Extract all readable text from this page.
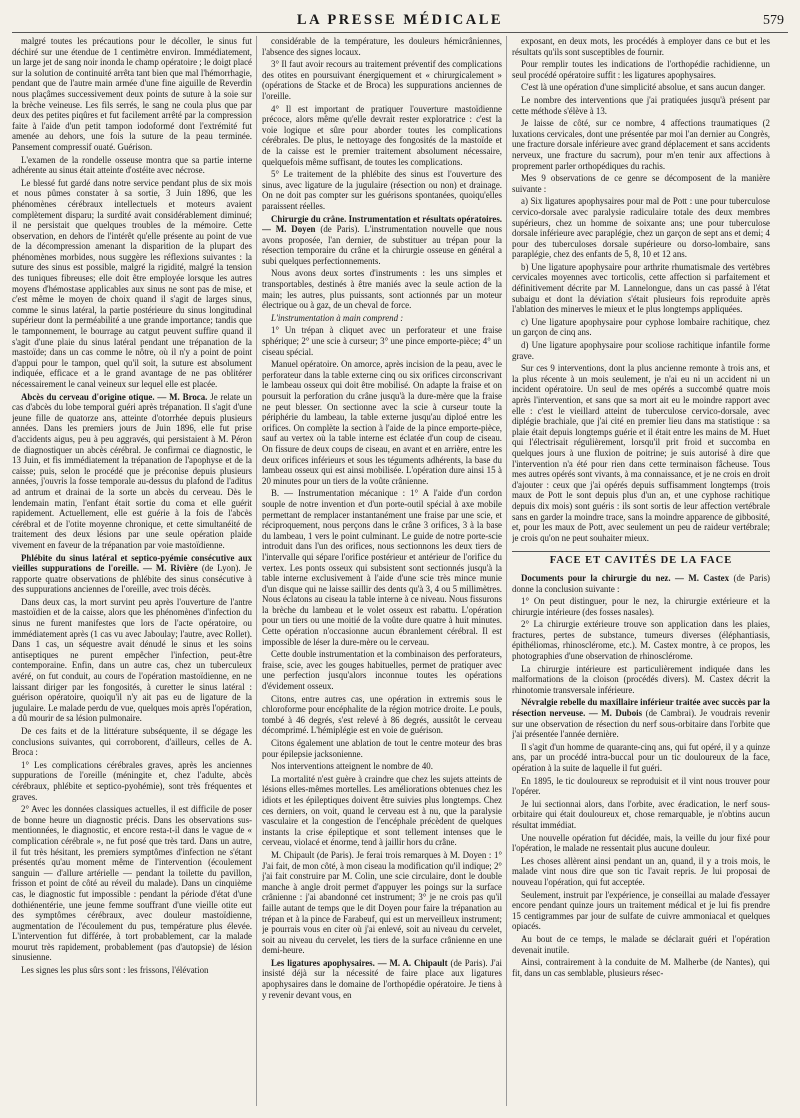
LA PRESSE MÉDICALE	579

malgré toutes les précautions pour le décoller, le sinus fut déchiré sur une étendue de 1 centimètre environ. Immédiatement, un large jet de sang noir inonda le champ opératoire ; le doigt placé sur la solution de continuité arrêta tant bien que mal l'hémorrhagie, pendant que de l'autre main armée d'une fine aiguille de Reverdin nous plaçâmes successivement deux points de suture à la soie sur la brèche veineuse. Les fils serrés, le sang ne coula plus que par deux des petites piqûres et fut facilement arrêté par la compression faite à l'aide d'un petit tampon iodoformé dont l'extrémité fut amenée au dehors, une fois la suture de la peau terminée. Pansement compressif ouaté. Guérison.

L'examen de la rondelle osseuse montra que sa partie interne adhérente au sinus était atteinte d'ostéite avec nécrose.

Le blessé fut gardé dans notre service pendant plus de six mois et nous pûmes constater à sa sortie, 3 Juin 1896, que les phénomènes cérébraux intellectuels et moteurs avaient complètement disparu; la surdité avait considérablement diminué; il ne persistait que quelques troubles de la mémoire. Cette observation, en dehors de l'intérêt qu'elle présente au point de vue de la décompression amenant la disparition de la plupart des phénomènes morbides, nous suggère les réflexions suivantes : la suture des sinus est possible, malgré la rigidité, malgré la tension des tuniques fibreuses; elle doit être employée lorsque les autres moyens d'hémostase applicables aux sinus ne sont pas de mise, et c'est même le moyen de choix quand il s'agit de larges sinus, comme le sinus latéral, la partie postérieure du sinus longitudinal supérieur dont la perméabilité a une grande importance; tandis que le tamponnement, le bourrage au catgut peuvent suffire quand il s'agit d'une plaie du sinus latéral pendant une trépanation de la mastoïde; dans un cas comme le nôtre, où il n'y a point de point d'appui pour le tampon, quel qu'il soit, la suture est absolument indiquée, efficace et a le grand avantage de ne pas oblitérer nécessairement le canal veineux sur lequel elle est placée.

Abcès du cerveau d'origine otique. — M. Broca. Je relate un cas d'abcès du lobe temporal guéri après trépanation. Il s'agit d'une jeune fille de quatorze ans, atteinte d'otorrhée depuis plusieurs années. Dans les premiers jours de Juin 1896, elle fut prise d'accidents aigus, peu à peu aggravés, qui persistaient à M. Péron de diagnostiquer un abcès cérébral. Je confirmai ce diagnostic, le 13 Juin, et fis immédiatement la trépanation de l'apophyse et de la caisse; puis, selon le procédé que je préconise depuis plusieurs années, j'ouvris la fosse temporale au-dessus du plafond de l'aditus ad antrum et drainai de la sorte un abcès du cerveau. Dès le lendemain matin, l'enfant était sortie du coma et elle guérit rapidement. Actuellement, elle est guérie à la fois de l'abcès cérébral et de l'otite moyenne chronique, et cette simultanéité de traitement des deux lésions par une seule opération plaide vivement en faveur de la trépanation par voie mastoïdienne.

Phlébite du sinus latéral et septico-pyémie consécutive aux vieilles suppurations de l'oreille. — M. Rivière (de Lyon). Je rapporte quatre observations de phlébite des sinus consécutive à des suppurations anciennes de l'oreille, avec trois décès.

Dans deux cas, la mort survint peu après l'ouverture de l'antre mastoïdien et de la caisse, alors que les phénomènes d'infection du sinus ne furent manifestes que lors de l'acte opératoire, ou immédiatement après (1 cas vu avec Jaboulay; l'autre, avec Rollet). Dans 1 cas, un séquestre avait dénudé le sinus et les soins antiseptiques ne purent empêcher l'infection, peut-être contemporaine. Enfin, dans un autre cas, chez un tuberculeux avéré, on fut conduit, au cours de l'opération mastoïdienne, en ne laissant diriger par les fongosités, à curetter le sinus latéral : guérison opératoire, quoiqu'il n'y ait pas eu de ligature de la jugulaire. Le malade perdu de vue, quelques mois après l'opération, a dû mourir de sa lésion pulmonaire.

De ces faits et de la littérature subséquente, il se dégage les conclusions suivantes, qui corroborent, d'ailleurs, celles de A. Broca :

1° Les complications cérébrales graves, après les anciennes suppurations de l'oreille (méningite et, chez l'adulte, abcès cérébraux, phlébite et septico-pyohémie), sont très fréquentes et graves.

2° Avec les données classiques actuelles, il est difficile de poser de bonne heure un diagnostic précis. Dans les observations sus-mentionnées, le diagnostic, et encore resta-t-il dans le vague de « complication cérébrale », ne fut posé que très tard. Dans un autre, il fut très hésitant, les premiers symptômes d'infection ne s'étant présentés qu'au moment même de l'intervention (écoulement sanguin — d'allure artérielle — pendant la toilette du pavillon, frisson et point de côté au réveil du malade). Dans un cinquième cas, le diagnostic fut impossible : pendant la période d'état d'une dothiénentérie, une jeune femme souffrant d'une vieille otite eut des symptômes cérébraux, avec douleur mastoïdienne, augmentation de l'écoulement du pus, température plus élevée. L'intervention fut différée, à tort probablement, car la malade mourut très rapidement, probablement (pas d'autopsie) de lésion sinusienne.

Les signes les plus sûrs sont : les frissons, l'élévation

considérable de la température, les douleurs hémicrâniennes, l'absence des signes locaux.

3° Il faut avoir recours au traitement préventif des complications des otites en poursuivant énergiquement et « chirurgicalement » (opérations de Stacke et de Broca) les suppurations anciennes de l'oreille.

4° Il est important de pratiquer l'ouverture mastoïdienne précoce, alors même qu'elle devrait rester exploratrice : c'est la voie logique et sûre pour aborder toutes les complications cérébrales. De plus, le nettoyage des fongosités de la mastoïde et de la caisse est le premier traitement absolument nécessaire, quelquefois même suffisant, de toutes les complications.

5° Le traitement de la phlébite des sinus est l'ouverture des sinus, avec ligature de la jugulaire (résection ou non) et drainage. On ne doit pas compter sur les guérisons spontanées, quoiqu'elles paraissent réelles.

Chirurgie du crâne. Instrumentation et résultats opératoires. — M. Doyen (de Paris). L'instrumentation nouvelle que nous avons proposée, l'an dernier, de substituer au trépan pour la résection temporaire du crâne et la chirurgie osseuse en général a subi quelques perfectionnements.

Nous avons deux sortes d'instruments : les uns simples et transportables, destinés à être maniés avec la seule action de la main; les autres, plus puissants, sont actionnés par un moteur électrique ou à gaz, de un cheval de force.

L'instrumentation à main comprend :

1° Un trépan à cliquet avec un perforateur et une fraise sphérique; 2° une scie à curseur; 3° une pince emporte-pièce; 4° un ciseau spécial.

Manuel opératoire. On amorce, après incision de la peau, avec le perforateur dans la table externe cinq ou six orifices circonscrivant le lambeau osseux qui doit être mobilisé. On adapte la fraise et on poursuit la perforation du crâne jusqu'à la dure-mère que la fraise ne peut blesser. On sectionne avec la scie à curseur toute la périphérie du lambeau, la table externe jusqu'au diploé entre les orifices. On complète la section à l'aide de la pince emporte-pièce, sauf au vertex où la table interne est éclatée d'un coup de ciseau. On fissure de deux coups de ciseau, en avant et en arrière, entre les deux orifices inférieurs et sous les téguments adhérents, la base du lambeau osseux qui est ainsi mobilisée. L'opération dure ainsi 15 à 20 minutes pour un tiers de la voûte crânienne.

B. — Instrumentation mécanique : 1° A l'aide d'un cordon souple de notre invention et d'un porte-outil spécial à axe mobile permettant de remplacer instantanément une fraise par une scie, et réciproquement, nous perçons dans le crâne 3 orifices, 3 à la base du lambeau, 1 vers le point culminant. Le guide de notre porte-scie introduit dans l'un des orifices, nous sectionnons les deux tiers de l'intervalle qui sépare l'orifice postérieur et antérieur de l'orifice du vertex. Les ponts osseux qui subsistent sont sectionnés jusqu'à la table interne exclusivement à l'aide d'une scie très mince munie d'un disque qui ne laisse saillir des dents qu'à 3, 4 ou 5 millimètres. Nous éclatons au ciseau la table interne à ce niveau. Nous fissurons la brèche du lambeau et le volet osseux est rabattu. L'opération pour un tiers ou une moitié de la voûte dure quatre à huit minutes. Cette opération n'occasionne aucun ébranlement cérébral. Il est impossible de léser la dure-mère ou le cerveau.

Cette double instrumentation et la combinaison des perforateurs, fraise, scie, avec les gouges habituelles, permet de pratiquer avec une perfection jusqu'alors inconnue toutes les opérations d'évidement osseux.

Citons, entre autres cas, une opération in extremis sous le chloroforme pour encéphalite de la région motrice droite. Le pouls, tombé à 46 degrés, s'est relevé à 86 degrés, aussitôt le cerveau décomprimé. L'hémiplégie est en voie de guérison.

Citons également une ablation de tout le centre moteur des bras pour épilepsie jacksonienne.

Nos interventions atteignent le nombre de 40.

La mortalité n'est guère à craindre que chez les sujets atteints de lésions elles-mêmes mortelles. Les améliorations obtenues chez les idiots et les épileptiques doivent être suivies plus longtemps. Chez ces derniers, on voit, quand le cerveau est à nu, que la paralysie vasculaire et la congestion de l'encéphale précèdent de quelques instants la crise épileptique et sont tellement intenses que le cerveau, violacé et énorme, tend à jaillir hors du crâne.

M. Chipault (de Paris). Je ferai trois remarques à M. Doyen : 1° J'ai fait, de mon côté, à mon ciseau la modification qu'il indique; 2° j'ai fait construire par M. Colin, une scie circulaire, dont le double manche à angle droit permet d'appuyer les poings sur la surface crânienne : j'ai abandonné cet instrument; 3° je ne crois pas qu'il faille autant de temps que le dit Doyen pour faire la trépanation au trépan et à la pince de Farabeuf, qui est un merveilleux instrument; je pourrais vous en citer où j'ai enlevé, soit au niveau du cervelet, soit au niveau du cervelet, les tiers de la surface crânienne en une demi-heure.

Les ligatures apophysaires. — M. A. Chipault (de Paris). J'ai insisté déjà sur la nécessité de faire place aux ligatures apophysaires dans le domaine de l'orthopédie opératoire. Je tiens à y revenir devant vous, en

exposant, en deux mots, les procédés à employer dans ce but et les résultats qu'ils sont susceptibles de fournir.

Pour remplir toutes les indications de l'orthopédie rachidienne, un seul procédé opératoire suffit : les ligatures apophysaires.

C'est là une opération d'une simplicité absolue, et sans aucun danger.

Le nombre des interventions que j'ai pratiquées jusqu'à présent par cette méthode s'élève à 13.

Je laisse de côté, sur ce nombre, 4 affections traumatiques (2 luxations cervicales, dont une présentée par moi l'an dernier au Congrès, une fracture dorsale inférieure avec grand déplacement et sans accidents nerveux, une fracture du sacrum), pour m'en tenir aux affections à proprement parler orthopédiques du rachis.

Mes 9 observations de ce genre se décomposent de la manière suivante :

a) Six ligatures apophysaires pour mal de Pott : une pour tuberculose cervico-dorsale avec paralysie radiculaire totale des deux membres supérieurs, chez un homme de soixante ans; une pour tuberculose dorsale inférieure avec paraplégie, chez un garçon de sept ans et demi; 4 pour des tuberculoses dorsale supérieure ou dorso-lombaire, sans paraplégie, chez des enfants de 5, 8, 10 et 12 ans.

b) Une ligature apophysaire pour arthrite rhumatismale des vertèbres cervicales moyennes avec torticolis, cette affection si parfaitement et définitivement décrite par M. Lannelongue, dans un cas passé à l'état subaigu et dont la déviation s'était plusieurs fois reproduite après l'ablation des minerves le mieux et le plus longtemps appliquées.

c) Une ligature apophysaire pour cyphose lombaire rachitique, chez un garçon de cinq ans.

d) Une ligature apophysaire pour scoliose rachitique infantile forme grave.

Sur ces 9 interventions, dont la plus ancienne remonte à trois ans, et la plus récente à un mois seulement, je n'ai eu ni un accident ni un incident opératoire. Un seul de mes opérés a succombé quatre mois après l'intervention, et sans que sa mort ait eu le moindre rapport avec elle : c'est le vieillard atteint de tuberculose cervico-dorsale, avec diplégie brachiale, que j'ai cité en premier lieu dans ma statistique : sa plaie était depuis longtemps guérie et il était entre les mains de M. Huet qui l'électrisait régulièrement, lorsqu'il prit froid et succomba en quelques jours à une fluxion de poitrine; je suis autorisé à dire que l'intervention n'a été pour rien dans cette terminaison fâcheuse. Tous mes autres opérés sont vivants, à ma connaissance, et je ne crois en droit d'ajouter : ceux que j'ai opérés depuis suffisamment longtemps (trois maux de Pott le sont depuis plus d'un an, et une cyphose rachitique depuis dix mois) sont guéris : ils sont sortis de leur affection vertébrale sans en garder la moindre trace, sans la moindre apparence de gibbosité, et, pour les maux de Pott, avec seulement un peu de raideur vertébrale; je crois qu'on ne peut souhaiter mieux.

FACE ET CAVITÉS DE LA FACE

Documents pour la chirurgie du nez. — M. Castex (de Paris) donne la conclusion suivante :

1° On peut distinguer, pour le nez, la chirurgie extérieure et la chirurgie intérieure (des fosses nasales).

2° La chirurgie extérieure trouve son application dans les plaies, fractures, pertes de substance, tumeurs diverses (éléphantiasis, épithéliomas, rhinosclérome, etc.). M. Castex montre, à ce propos, les photographies d'une observation de rhinosclérome.

La chirurgie intérieure est particulièrement indiquée dans les malformations de la cloison (procédés divers). M. Castex décrit la rhinotomie transversale inférieure.

Névralgie rebelle du maxillaire inférieur traitée avec succès par la résection nerveuse. — M. Dubois (de Cambrai). Je voudrais revenir sur une observation de résection du nerf sous-orbitaire dans l'orbite que j'ai présentée l'année dernière.

Il s'agit d'un homme de quarante-cinq ans, qui fut opéré, il y a quinze ans, par un procédé intra-buccal pour un tic douloureux de la face, opération à la suite de laquelle il fut guéri.

En 1895, le tic douloureux se reproduisit et il vint nous trouver pour l'opérer.

Je lui sectionnai alors, dans l'orbite, avec éradication, le nerf sous-orbitaire qui était douloureux et, chose remarquable, je n'obtins aucun résultat immédiat.

Une nouvelle opération fut décidée, mais, la veille du jour fixé pour l'opération, le malade ne ressentait plus aucune douleur.

Les choses allèrent ainsi pendant un an, quand, il y a trois mois, le malade vint nous dire que son tic l'avait repris. Je lui proposai de nouveau l'opération, qui fut acceptée.

Seulement, instruit par l'expérience, je conseillai au malade d'essayer encore pendant quinze jours un traitement médical et je lui fis prendre 15 centigrammes par jour de sulfate de cuivre ammoniacal et quelques opiacés.

Au bout de ce temps, le malade se déclarait guéri et l'opération devenait inutile.

Ainsi, contrairement à la conduite de M. Malherbe (de Nantes), qui fit, dans un cas semblable, plusieurs résec-
